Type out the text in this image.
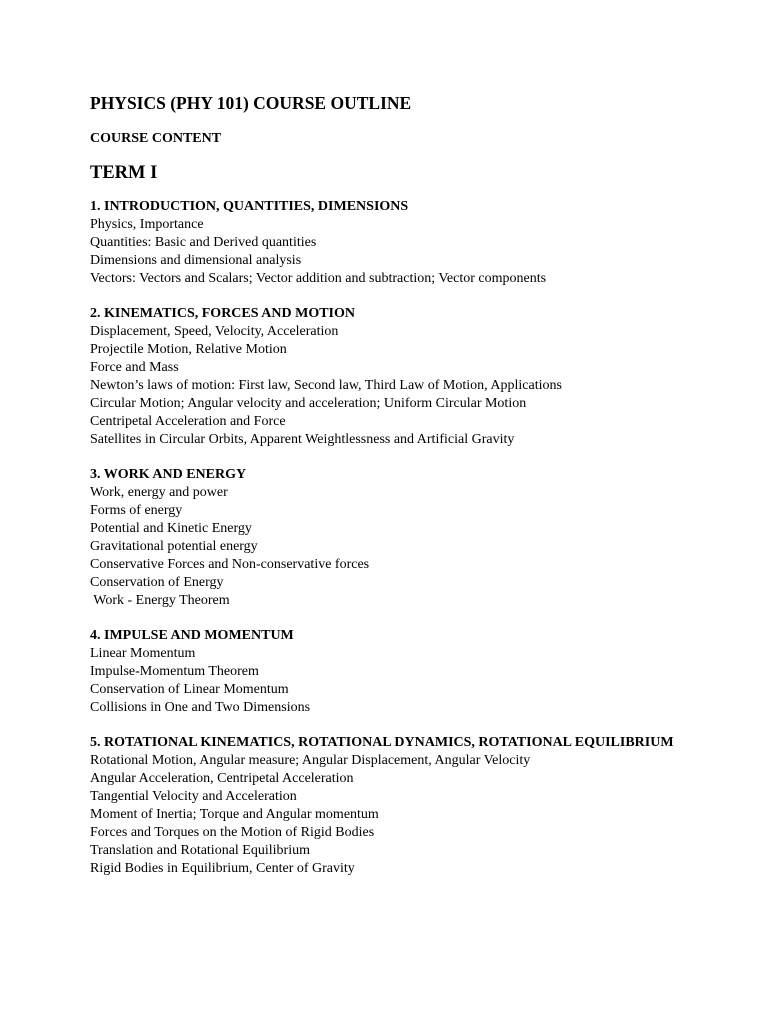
PHYSICS (PHY 101) COURSE OUTLINE
COURSE CONTENT
TERM I
1. INTRODUCTION, QUANTITIES, DIMENSIONS
Physics, Importance
Quantities: Basic and Derived quantities
Dimensions and dimensional analysis
Vectors: Vectors and Scalars; Vector addition and subtraction; Vector components
2. KINEMATICS, FORCES AND MOTION
Displacement, Speed, Velocity, Acceleration
Projectile Motion, Relative Motion
Force and Mass
Newton’s laws of motion: First law, Second law, Third Law of Motion, Applications
Circular Motion; Angular velocity and acceleration; Uniform Circular Motion
Centripetal Acceleration and Force
Satellites in Circular Orbits, Apparent Weightlessness and Artificial Gravity
3. WORK AND ENERGY
Work, energy and power
Forms of energy
Potential and Kinetic Energy
Gravitational potential energy
Conservative Forces and Non-conservative forces
Conservation of Energy
Work - Energy Theorem
4. IMPULSE AND MOMENTUM
Linear Momentum
Impulse-Momentum Theorem
Conservation of Linear Momentum
Collisions in One and Two Dimensions
5. ROTATIONAL KINEMATICS, ROTATIONAL DYNAMICS, ROTATIONAL EQUILIBRIUM
Rotational Motion, Angular measure; Angular Displacement, Angular Velocity
Angular Acceleration, Centripetal Acceleration
Tangential Velocity and Acceleration
Moment of Inertia; Torque and Angular momentum
Forces and Torques on the Motion of Rigid Bodies
Translation and Rotational Equilibrium
Rigid Bodies in Equilibrium, Center of Gravity
